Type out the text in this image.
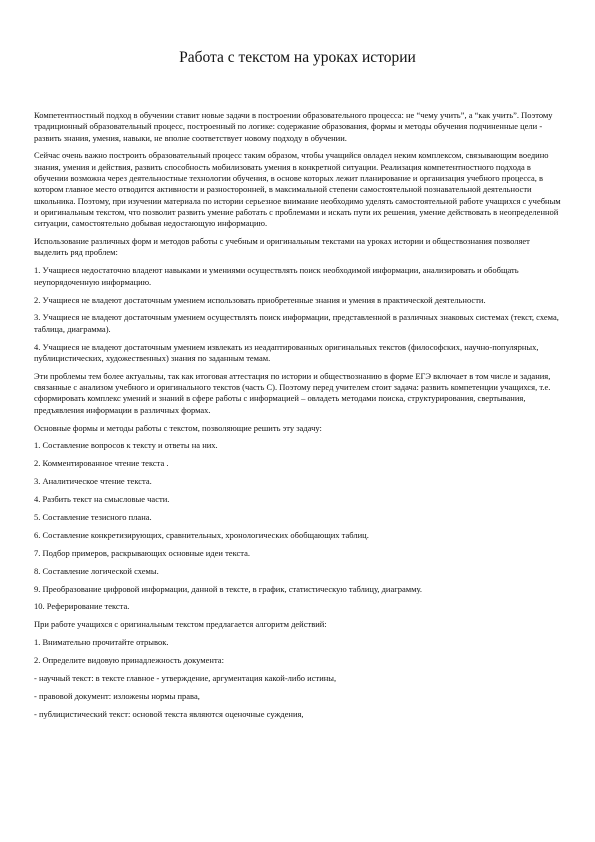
Работа с текстом на уроках истории

Компетентностный подход в обучении ставит новые задачи в построении образовательного процесса: не “чему учить”, а “как учить”. Поэтому традиционный образовательный процесс, построенный по логике: содержание образования, формы и методы обучения подчиненные цели - развить знания, умения, навыки, не вполне соответствует новому подходу в обучении.

Сейчас очень важно построить образовательный процесс таким образом, чтобы учащийся овладел неким комплексом, связывающим воедино знания, умения и действия, развить способность мобилизовать умения в конкретной ситуации. Реализация компетентностного подхода в обучении возможна через деятельностные технологии обучения, в основе которых лежит планирование и организация учебного процесса, в котором главное место отводится активности и разносторонней, в максимальной степени самостоятельной познавательной деятельности школьника. Поэтому, при изучении материала по истории серьезное внимание необходимо уделять самостоятельной работе учащихся с учебным и оригинальным текстом, что позволит развить умение работать с проблемами и искать пути их решения, умение действовать в неопределенной ситуации, самостоятельно добывая недостающую информацию.

Использование различных форм и методов работы с учебным и оригинальным текстами на уроках истории и обществознания позволяет выделить ряд проблем:

1. Учащиеся недостаточно владеют навыками и умениями осуществлять поиск необходимой информации, анализировать и обобщать неупорядоченную информацию.

2. Учащиеся не владеют достаточным умением использовать приобретенные знания и умения в практической деятельности.

3. Учащиеся не владеют достаточным умением осуществлять поиск информации, представленной в различных знаковых системах (текст, схема, таблица, диаграмма).

4. Учащиеся не владеют достаточным умением извлекать из неадаптированных оригинальных текстов (философских, научно-популярных, публицистических, художественных) знания по заданным темам.

Эти проблемы тем более актуальны, так как итоговая аттестация по истории и обществознанию в форме ЕГЭ включает в том числе и задания, связанные с анализом учебного и оригинального текстов (часть С). Поэтому перед учителем стоит задача: развить компетенции учащихся, т.е. сформировать комплекс умений и знаний в сфере работы с информацией – овладеть методами поиска, структурирования, свертывания, предъявления информации в различных формах.

Основные формы и методы работы с текстом, позволяющие решить эту задачу:

1. Составление вопросов к тексту и ответы на них.

2. Комментированное чтение текста .

3. Аналитическое чтение текста.

4. Разбить текст на смысловые части.

5. Составление тезисного плана.

6. Составление конкретизирующих, сравнительных, хронологических обобщающих таблиц.

7. Подбор примеров, раскрывающих основные идеи текста.

8. Составление логической схемы.

9. Преобразование цифровой информации, данной в тексте, в график, статистическую таблицу, диаграмму.

10. Реферирование текста.

При работе учащихся с оригинальным текстом предлагается алгоритм действий:

1. Внимательно прочитайте отрывок.

2. Определите видовую принадлежность документа:

- научный текст: в тексте главное - утверждение, аргументация какой-либо истины,

- правовой документ: изложены нормы права,

- публицистический текст: основой текста являются оценочные суждения,
